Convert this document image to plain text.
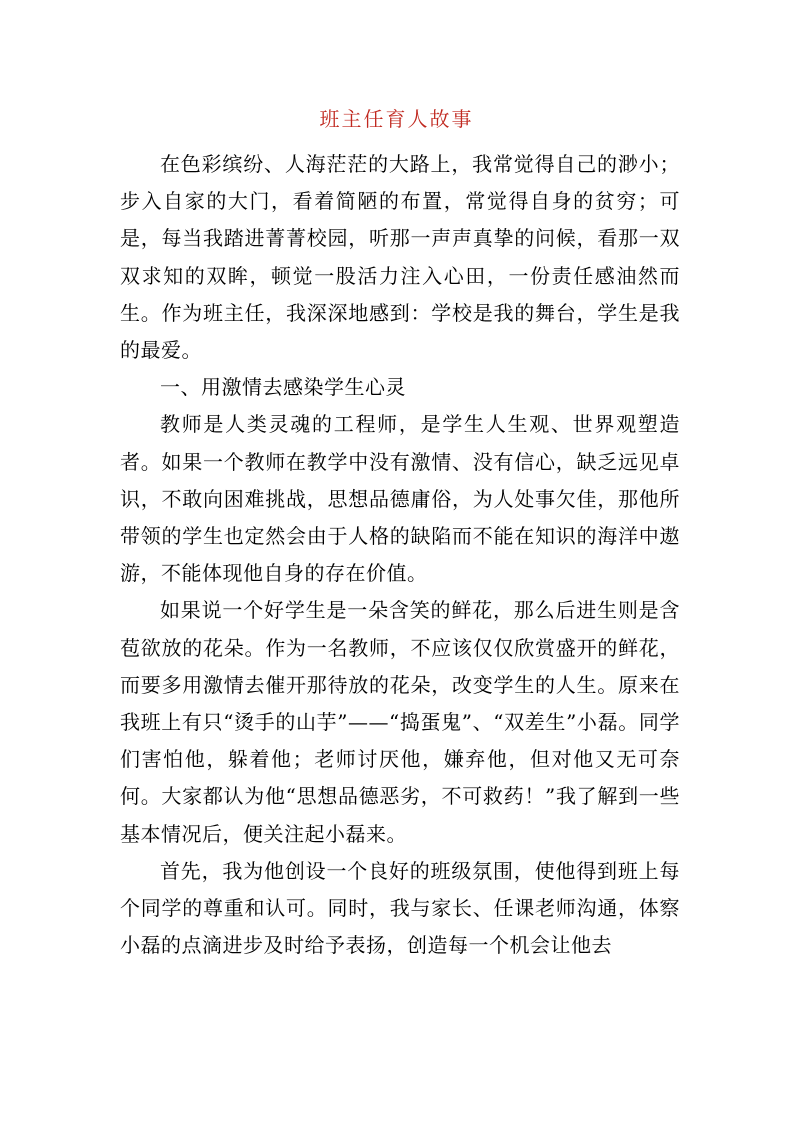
班主任育人故事

在色彩缤纷、人海茫茫的大路上，我常觉得自己的渺小；步入自家的大门，看着简陋的布置，常觉得自身的贫穷；可是，每当我踏进菁菁校园，听那一声声真挚的问候，看那一双双求知的双眸，顿觉一股活力注入心田，一份责任感油然而生。作为班主任，我深深地感到：学校是我的舞台，学生是我的最爱。

一、用激情去感染学生心灵

教师是人类灵魂的工程师，是学生人生观、世界观塑造者。如果一个教师在教学中没有激情、没有信心，缺乏远见卓识，不敢向困难挑战，思想品德庸俗，为人处事欠佳，那他所带领的学生也定然会由于人格的缺陷而不能在知识的海洋中遨游，不能体现他自身的存在价值。

如果说一个好学生是一朵含笑的鲜花，那么后进生则是含苞欲放的花朵。作为一名教师，不应该仅仅欣赏盛开的鲜花，而要多用激情去催开那待放的花朵，改变学生的人生。原来在我班上有只“烫手的山芋”——“捣蛋鬼”、“双差生”小磊。同学们害怕他，躲着他；老师讨厌他，嫌弃他，但对他又无可奈何。大家都认为他“思想品德恶劣，不可救药！”我了解到一些基本情况后，便关注起小磊来。

首先，我为他创设一个良好的班级氛围，使他得到班上每个同学的尊重和认可。同时，我与家长、任课老师沟通，体察小磊的点滴进步及时给予表扬，创造每一个机会让他去
